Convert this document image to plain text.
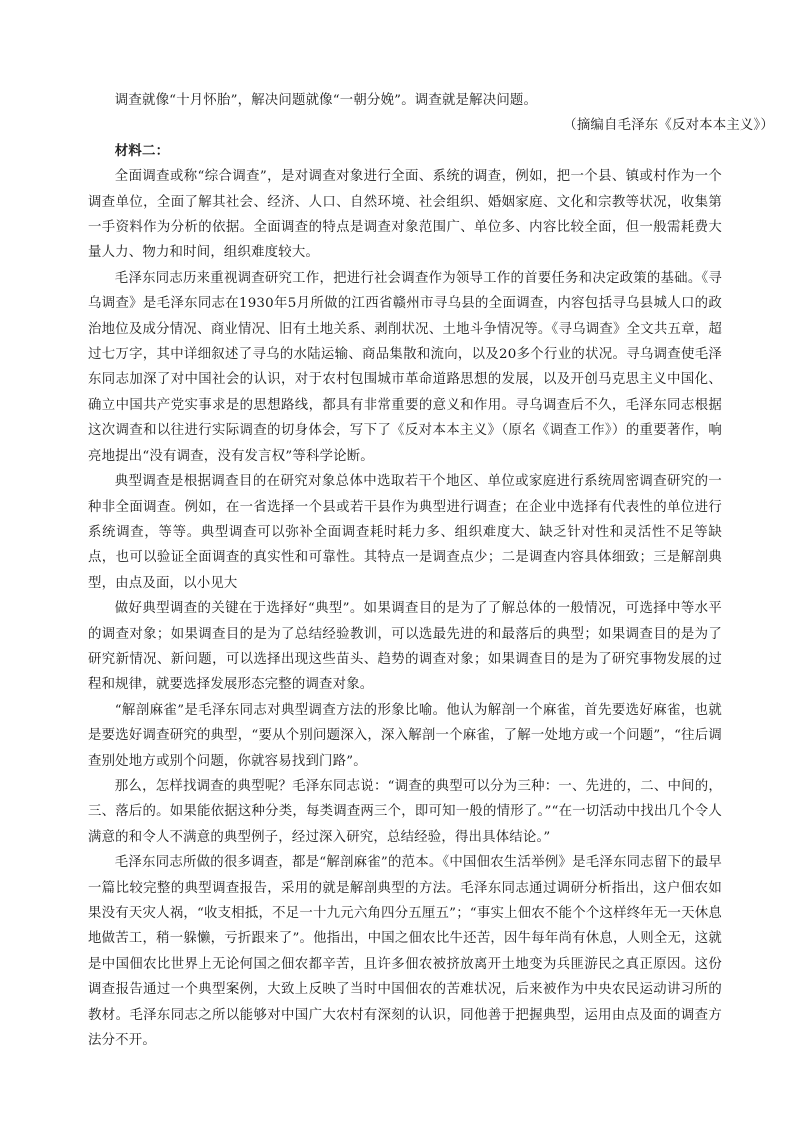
调查就像“十月怀胎”，解决问题就像“一朝分娩”。调查就是解决问题。

（摘编自毛泽东《反对本本主义》）

材料二：

全面调查或称“综合调查”，是对调查对象进行全面、系统的调查，例如，把一个县、镇或村作为一个调查单位，全面了解其社会、经济、人口、自然环境、社会组织、婚姻家庭、文化和宗教等状况，收集第一手资料作为分析的依据。全面调查的特点是调查对象范围广、单位多、内容比较全面，但一般需耗费大量人力、物力和时间，组织难度较大。

毛泽东同志历来重视调查研究工作，把进行社会调查作为领导工作的首要任务和决定政策的基础。《寻乌调查》是毛泽东同志在1930年5月所做的江西省赣州市寻乌县的全面调查，内容包括寻乌县城人口的政治地位及成分情况、商业情况、旧有土地关系、剥削状况、土地斗争情况等。《寻乌调查》全文共五章，超过七万字，其中详细叙述了寻乌的水陆运输、商品集散和流向，以及20多个行业的状况。寻乌调查使毛泽东同志加深了对中国社会的认识，对于农村包围城市革命道路思想的发展，以及开创马克思主义中国化、确立中国共产党实事求是的思想路线，都具有非常重要的意义和作用。寻乌调查后不久，毛泽东同志根据这次调查和以往进行实际调查的切身体会，写下了《反对本本主义》（原名《调查工作》）的重要著作，响亮地提出“没有调查，没有发言权”等科学论断。

典型调查是根据调查目的在研究对象总体中选取若干个地区、单位或家庭进行系统周密调查研究的一种非全面调查。例如，在一省选择一个县或若干县作为典型进行调查；在企业中选择有代表性的单位进行系统调查，等等。典型调查可以弥补全面调查耗时耗力多、组织难度大、缺乏针对性和灵活性不足等缺点，也可以验证全面调查的真实性和可靠性。其特点一是调查点少；二是调查内容具体细致；三是解剖典型，由点及面，以小见大

做好典型调查的关键在于选择好“典型”。如果调查目的是为了了解总体的一般情况，可选择中等水平的调查对象；如果调查目的是为了总结经验教训，可以选最先进的和最落后的典型；如果调查目的是为了研究新情况、新问题，可以选择出现这些苗头、趋势的调查对象；如果调查目的是为了研究事物发展的过程和规律，就要选择发展形态完整的调查对象。

“解剖麻雀”是毛泽东同志对典型调查方法的形象比喻。他认为解剖一个麻雀，首先要选好麻雀，也就是要选好调查研究的典型，“要从个别问题深入，深入解剖一个麻雀，了解一处地方或一个问题”，“往后调查别处地方或别个问题，你就容易找到门路”。

那么，怎样找调查的典型呢？毛泽东同志说：“调查的典型可以分为三种：一、先进的，二、中间的，三、落后的。如果能依据这种分类，每类调查两三个，即可知一般的情形了。”“在一切活动中找出几个令人满意的和令人不满意的典型例子，经过深入研究，总结经验，得出具体结论。”

毛泽东同志所做的很多调查，都是“解剖麻雀”的范本。《中国佃农生活举例》是毛泽东同志留下的最早一篇比较完整的典型调查报告，采用的就是解剖典型的方法。毛泽东同志通过调研分析指出，这户佃农如果没有天灾人祸，“收支相抵，不足一十九元六角四分五厘五”；“事实上佃农不能个个这样终年无一天休息地做苦工，稍一躲懒，亏折跟来了”。他指出，中国之佃农比牛还苦，因牛每年尚有休息，人则全无，这就是中国佃农比世界上无论何国之佃农都辛苦，且许多佃农被挤放离开土地变为兵匪游民之真正原因。这份调查报告通过一个典型案例，大致上反映了当时中国佃农的苦难状况，后来被作为中央农民运动讲习所的教材。毛泽东同志之所以能够对中国广大农村有深刻的认识，同他善于把握典型，运用由点及面的调查方法分不开。
